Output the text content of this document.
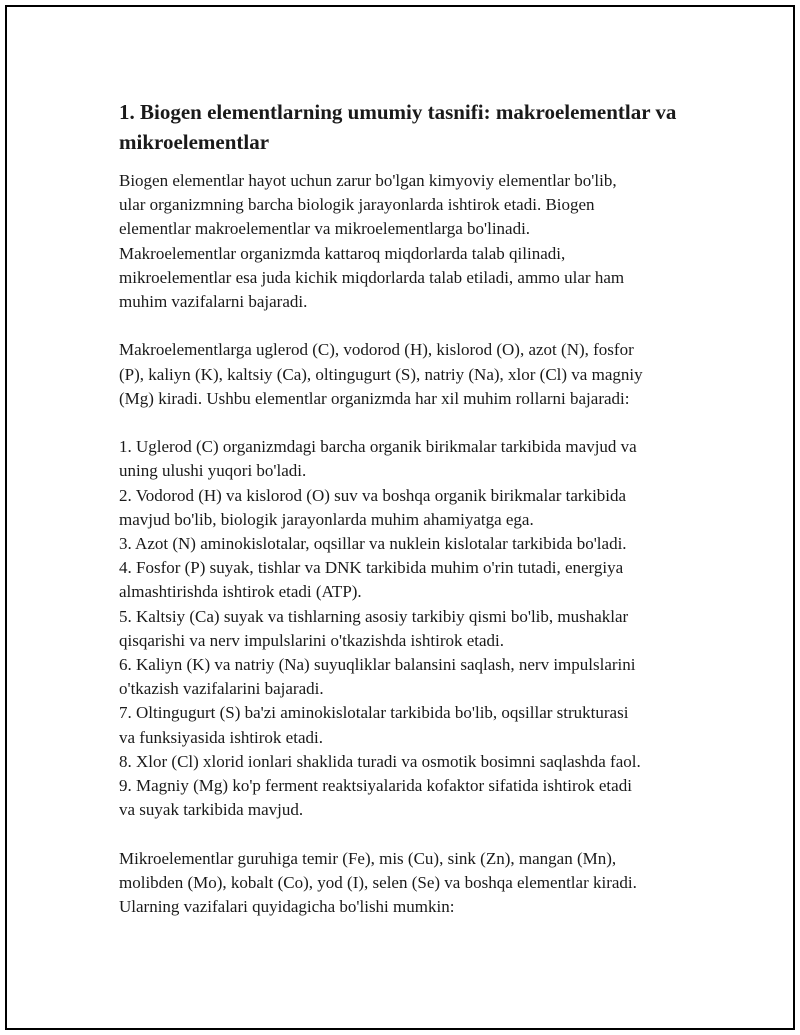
1. Biogen elementlarning umumiy tasnifi: makroelementlar va mikroelementlar

Biogen elementlar hayot uchun zarur bo'lgan kimyoviy elementlar bo'lib,

ular organizmning barcha biologik jarayonlarda ishtirok etadi. Biogen

elementlar makroelementlar va mikroelementlarga bo'linadi.

Makroelementlar organizmda kattaroq miqdorlarda talab qilinadi,

mikroelementlar esa juda kichik miqdorlarda talab etiladi, ammo ular ham

muhim vazifalarni bajaradi.

Makroelementlarga uglerod (C), vodorod (H), kislorod (O), azot (N), fosfor

(P), kaliyn (K), kaltsiy (Ca), oltingugurt (S), natriy (Na), xlor (Cl) va magniy

(Mg) kiradi. Ushbu elementlar organizmda har xil muhim rollarni bajaradi:

1. Uglerod (C) organizmdagi barcha organik birikmalar tarkibida mavjud va

uning ulushi yuqori bo'ladi.

2. Vodorod (H) va kislorod (O) suv va boshqa organik birikmalar tarkibida

mavjud bo'lib, biologik jarayonlarda muhim ahamiyatga ega.

3. Azot (N) aminokislotalar, oqsillar va nuklein kislotalar tarkibida bo'ladi.

4. Fosfor (P) suyak, tishlar va DNK tarkibida muhim o'rin tutadi, energiya

almashtirishda ishtirok etadi (ATP).

5. Kaltsiy (Ca) suyak va tishlarning asosiy tarkibiy qismi bo'lib, mushaklar

qisqarishi va nerv impulslarini o'tkazishda ishtirok etadi.

6. Kaliyn (K) va natriy (Na) suyuqliklar balansini saqlash, nerv impulslarini

o'tkazish vazifalarini bajaradi.

7. Oltingugurt (S) ba'zi aminokislotalar tarkibida bo'lib, oqsillar strukturasi

va funksiyasida ishtirok etadi.

8. Xlor (Cl) xlorid ionlari shaklida turadi va osmotik bosimni saqlashda faol.

9. Magniy (Mg) ko'p ferment reaktsiyalarida kofaktor sifatida ishtirok etadi

va suyak tarkibida mavjud.

Mikroelementlar guruhiga temir (Fe), mis (Cu), sink (Zn), mangan (Mn),

molibden (Mo), kobalt (Co), yod (I), selen (Se) va boshqa elementlar kiradi.

Ularning vazifalari quyidagicha bo'lishi mumkin:
